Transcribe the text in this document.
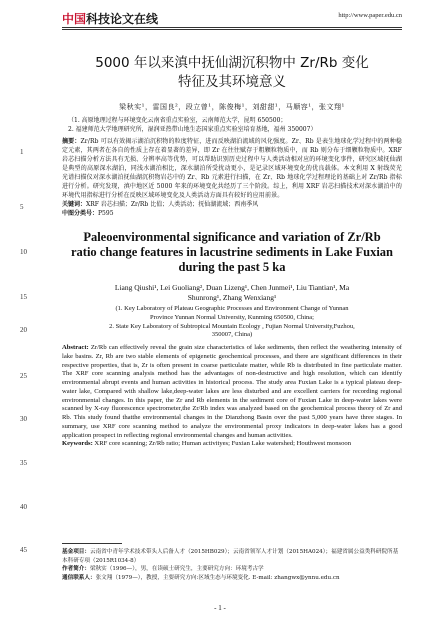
中国科技论文在线	http://www.paper.edu.cn
1
5
10
15
20
25
30
35
40
45
5000 年以来滇中抚仙湖沉积物中 Zr/Rb 变化
特征及其环境意义
梁秋实¹，雷国良²，段立曾¹，陈俊梅¹，刘甜甜¹，马顺容¹，张文翔¹

（1. 高原地理过程与环境变化云南省重点实验室，云南师范大学，昆明 650500；

2. 福建师范大学地理研究所，湿润亚热带山地生态国家重点实验室培育基地，福州 350007）

摘要：Zr/Rb 可以有效揭示湖泊沉积物的粒度特征，进而反映湖泊流域的风化强度。Zr、Rb 是表生地球化学过程中的两种稳定元素，其两者在各自的性质上存在着显著的差异，即 Zr 在往往赋存于粗颗粒物质中，而 Rb 则分布于细颗粒物质中。XRF 岩芯扫描分析方法具有无损、分辨率高等优势，可以帮助识别历史过程中与人类活动相对应的环境变化事件，研究区域抚仙湖是典型的高原深水湖泊，同浅水湖泊相比，深水湖泊所受扰动更小，是记录区域环境变化的优良载体。本文利用 X 射线荧光光谱扫描仪对深水湖泊抚仙湖沉积物岩芯中的 Zr、Rb 元素进行扫描，在 Zr、Rb 地球化学过程理论的基础上对 Zr/Rb 指标进行分析。研究发现，滇中地区近 5000 年来的环境变化共经历了三个阶段。综上，利用 XRF 岩芯扫描技术对深水湖泊中的环境代用指标进行分析在反映区域环境变化及人类活动方面具有较好的应用前景。
关键词：XRF 岩芯扫描；Zr/Rb 比值；人类活动；抚仙湖流域；西南季风
中图分类号：P595
Paleoenvironmental significance and variation of Zr/Rb
ratio change features in lacustrine sediments in Lake Fuxian
during the past 5 ka
Liang Qiushi¹, Lei Guoliang², Duan Lizeng¹, Chen Junmei¹, Liu Tiantian¹, Ma
Shunrong¹, Zhang Wenxiang¹
(1. Key Laboratory of Plateau Geographic Processes and Environment Change of Yunnan
Province Yunnan Normal University, Kunming 650500, China;
2. State Key Laboratory of Subtropical Mountain Ecology , Fujian Normal University,Fuzhou,
350007, China)
Abstract: Zr/Rb can effectively reveal the grain size characteristics of lake sediments, then reflect the weathering intensity of lake basins. Zr, Rb are two stable elements of epigenetic geochemical processes, and there are significant differences in their respective properties, that is, Zr is often present in coarse particulate matter, while Rb is distributed in fine particulate matter. The XRF core scanning analysis method has the advantages of non-destructive and high resolution, which can identify environmental abrupt events and human activities in historical process. The study area Fuxian Lake is a typical plateau deep-water lake, Compared with shallow lake,deep-water lakes are less disturbed and are excellent carriers for recording regional environmental changes. In this paper, the Zr and Rb elements in the sediment core of Fuxian Lake in deep-water lakes were scanned by X-ray fluorescence spectrometer,the Zr/Rb index was analyzed based on the geochemical process theory of Zr and Rb. This study found thatthe environmental changes in the Dianzhong Basin over the past 5,000 years have three stages. In summary, use XRF core scanning method to analyze the environmental proxy indicators in deep-water lakes has a good application prospect in reflecting regional environmental changes and human activities.
Keywords: XRF core scanning; Zr/Rb ratio; Human activityes; Fuxian Lake watershed; Houthwest monsoon
基金项目：云南省中青年学术技术带头人后备人才（2015HB029）；云南省领军人才计划（2015HA024）；福建省属公益类科研院所基本科研专项（2015R1034-8）
作者简介：梁秋实（1996—），男，在读硕士研究生，主要研究方向：环境考古学
通信联系人：张文翔（1979—），教授，主要研究方向:区域生态与环境变化. E-mail: zhangwx@ynnu.edu.cn
- 1 -
